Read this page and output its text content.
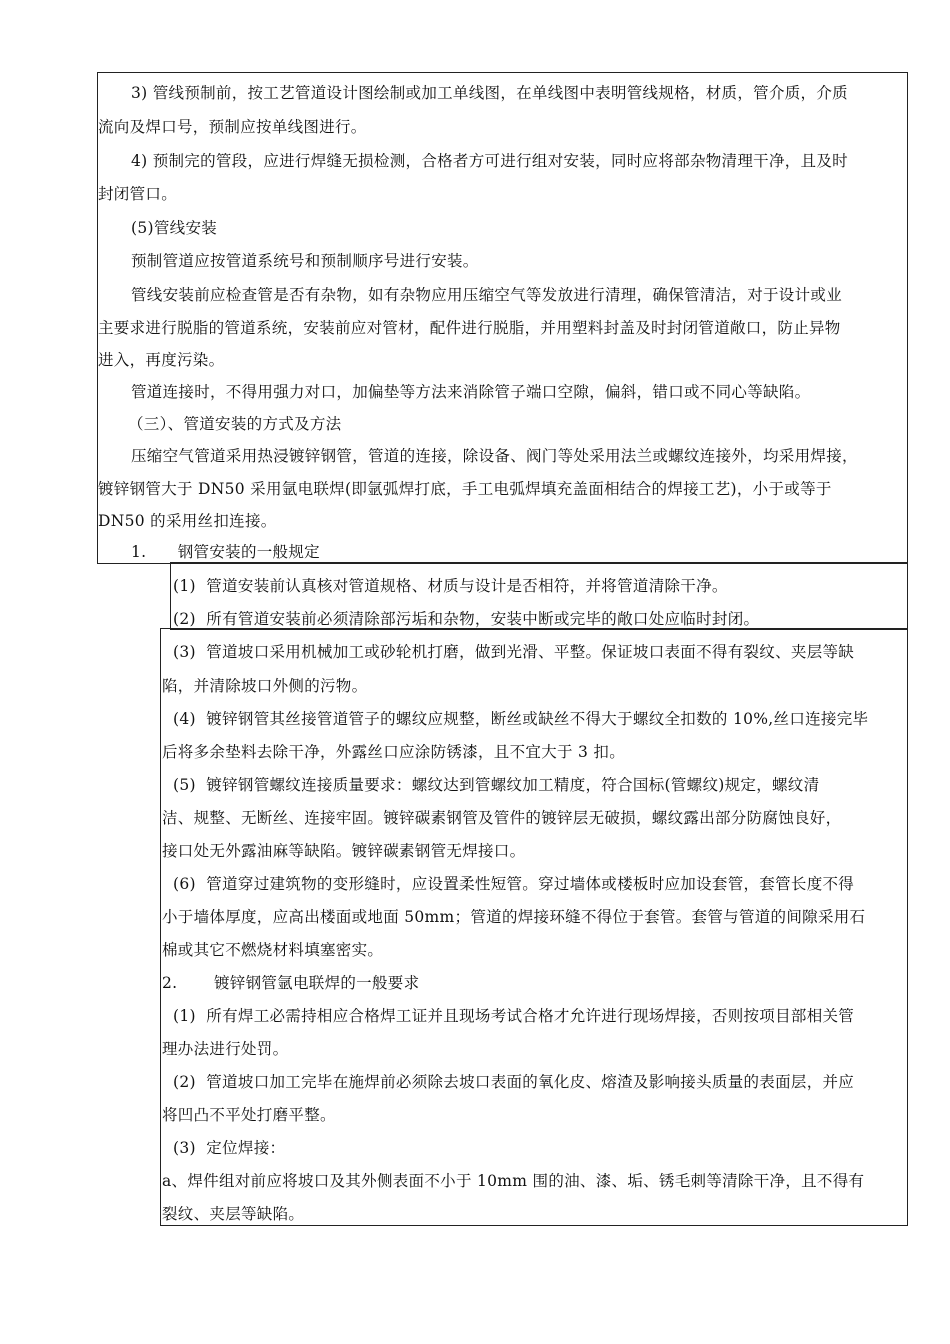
3) 管线预制前，按工艺管道设计图绘制或加工单线图，在单线图中表明管线规格，材质，管介质，介质
流向及焊口号，预制应按单线图进行。
4) 预制完的管段，应进行焊缝无损检测，合格者方可进行组对安装，同时应将部杂物清理干净，且及时
封闭管口。
(5)管线安装
预制管道应按管道系统号和预制顺序号进行安装。
管线安装前应检查管是否有杂物，如有杂物应用压缩空气等发放进行清理，确保管清洁，对于设计或业
主要求进行脱脂的管道系统，安装前应对管材，配件进行脱脂，并用塑料封盖及时封闭管道敞口，防止异物
进入，再度污染。
管道连接时，不得用强力对口，加偏垫等方法来消除管子端口空隙，偏斜，错口或不同心等缺陷。
（三）、管道安装的方式及方法
压缩空气管道采用热浸镀锌钢管，管道的连接，除设备、阀门等处采用法兰或螺纹连接外，均采用焊接，
镀锌钢管大于 DN50 采用氩电联焊(即氩弧焊打底，手工电弧焊填充盖面相结合的焊接工艺)，小于或等于
DN50 的采用丝扣连接。
1.      钢管安装的一般规定
(1)  管道安装前认真核对管道规格、材质与设计是否相符，并将管道清除干净。
(2)  所有管道安装前必须清除部污垢和杂物，安装中断或完毕的敞口处应临时封闭。
(3)  管道坡口采用机械加工或砂轮机打磨，做到光滑、平整。保证坡口表面不得有裂纹、夹层等缺
陷，并清除坡口外侧的污物。
(4)  镀锌钢管其丝接管道管子的螺纹应规整，断丝或缺丝不得大于螺纹全扣数的 10%,丝口连接完毕
后将多余垫料去除干净，外露丝口应涂防锈漆，且不宜大于 3 扣。
(5)  镀锌钢管螺纹连接质量要求：螺纹达到管螺纹加工精度，符合国标(管螺纹)规定，螺纹清
洁、规整、无断丝、连接牢固。镀锌碳素钢管及管件的镀锌层无破损，螺纹露出部分防腐蚀良好，
接口处无外露油麻等缺陷。镀锌碳素钢管无焊接口。
(6)  管道穿过建筑物的变形缝时，应设置柔性短管。穿过墙体或楼板时应加设套管，套管长度不得
小于墙体厚度，应高出楼面或地面 50mm；管道的焊接环缝不得位于套管。套管与管道的间隙采用石
棉或其它不燃烧材料填塞密实。
2.       镀锌钢管氩电联焊的一般要求
(1)  所有焊工必需持相应合格焊工证并且现场考试合格才允许进行现场焊接，否则按项目部相关管
理办法进行处罚。
(2)  管道坡口加工完毕在施焊前必须除去坡口表面的氧化皮、熔渣及影响接头质量的表面层，并应
将凹凸不平处打磨平整。
(3)  定位焊接：
a、焊件组对前应将坡口及其外侧表面不小于 10mm 围的油、漆、垢、锈毛刺等清除干净，且不得有
裂纹、夹层等缺陷。
